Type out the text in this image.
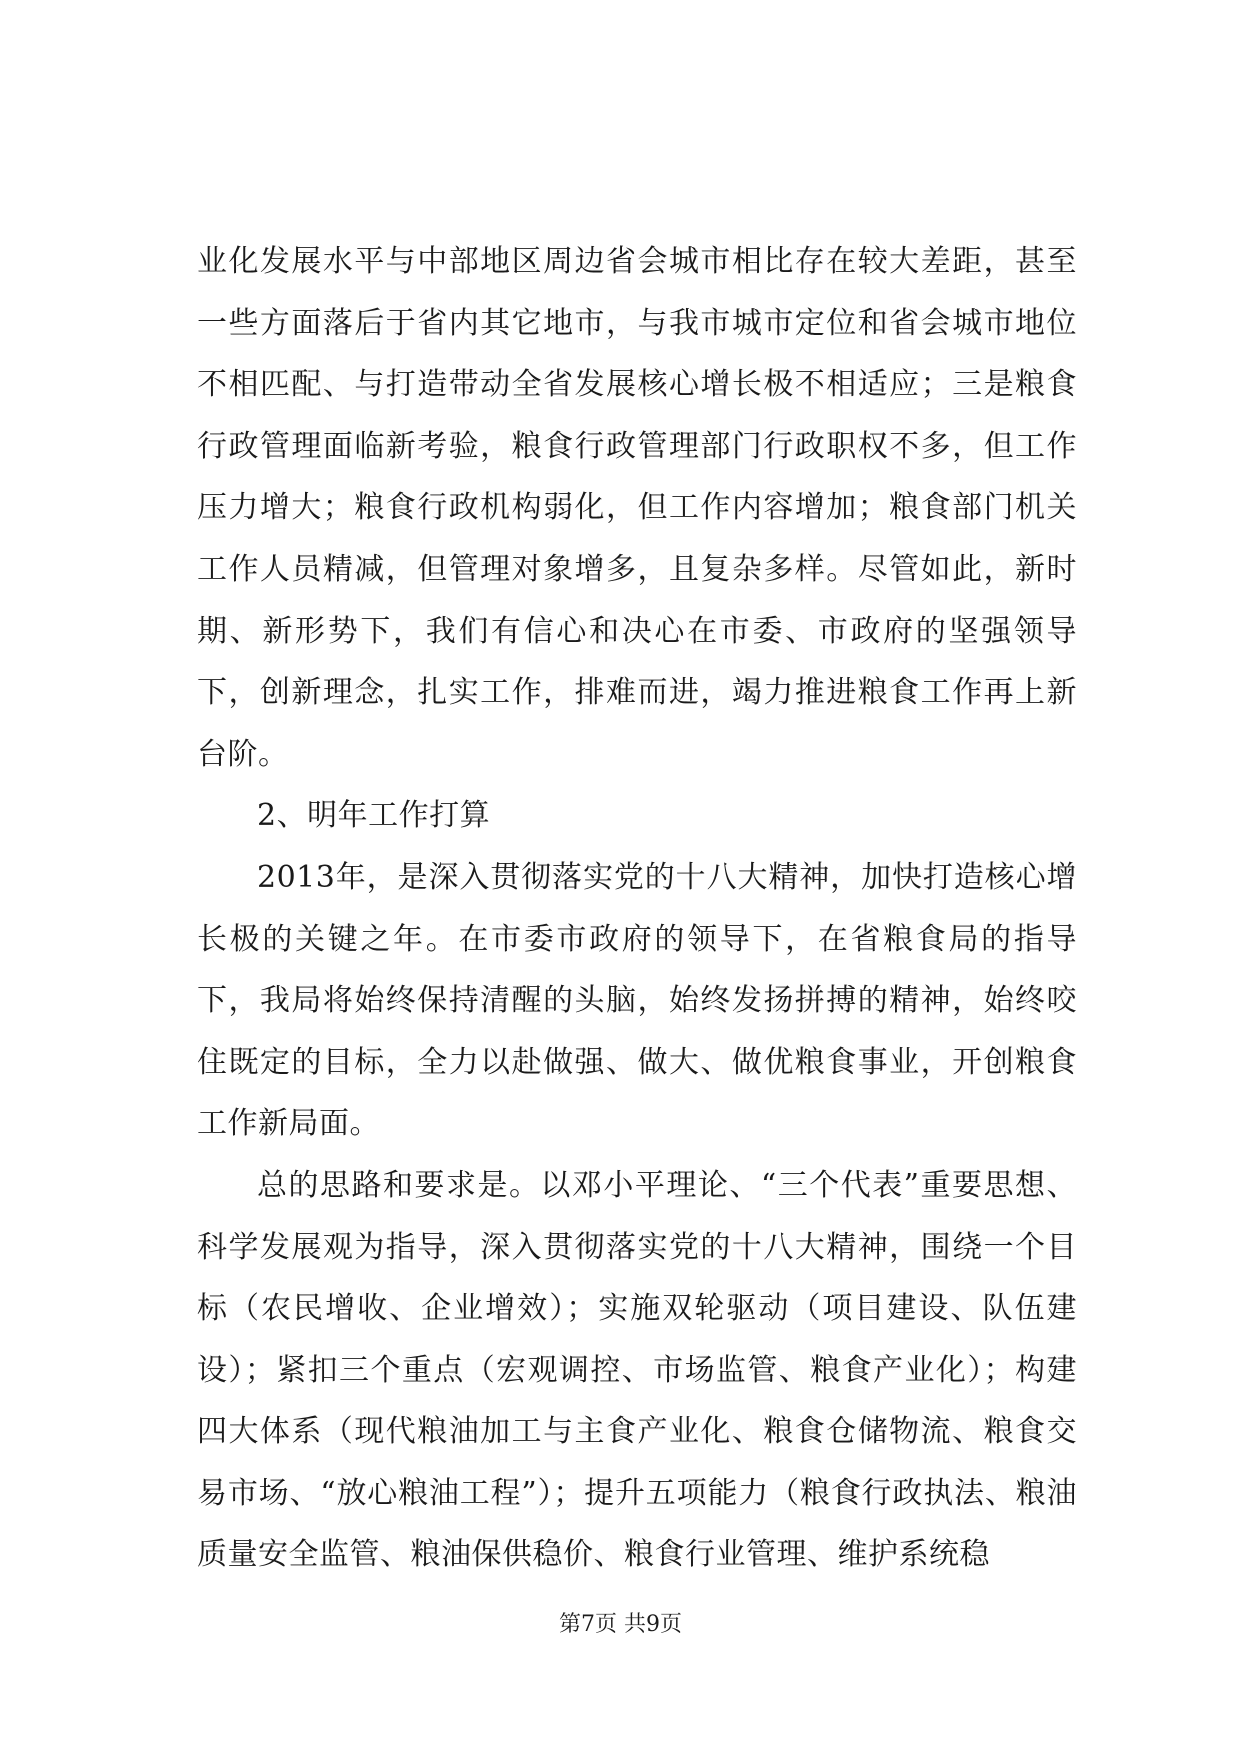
业化发展水平与中部地区周边省会城市相比存在较大差距，甚至一些方面落后于省内其它地市，与我市城市定位和省会城市地位不相匹配、与打造带动全省发展核心增长极不相适应；三是粮食行政管理面临新考验，粮食行政管理部门行政职权不多，但工作压力增大；粮食行政机构弱化，但工作内容增加；粮食部门机关工作人员精减，但管理对象增多，且复杂多样。尽管如此，新时期、新形势下，我们有信心和决心在市委、市政府的坚强领导下，创新理念，扎实工作，排难而进，竭力推进粮食工作再上新台阶。

2、明年工作打算

2013年，是深入贯彻落实党的十八大精神，加快打造核心增长极的关键之年。在市委市政府的领导下，在省粮食局的指导下，我局将始终保持清醒的头脑，始终发扬拼搏的精神，始终咬住既定的目标，全力以赴做强、做大、做优粮食事业，开创粮食工作新局面。

总的思路和要求是。以邓小平理论、“三个代表”重要思想、科学发展观为指导，深入贯彻落实党的十八大精神，围绕一个目标（农民增收、企业增效）；实施双轮驱动（项目建设、队伍建设）；紧扣三个重点（宏观调控、市场监管、粮食产业化）；构建四大体系（现代粮油加工与主食产业化、粮食仓储物流、粮食交易市场、“放心粮油工程”）；提升五项能力（粮食行政执法、粮油质量安全监管、粮油保供稳价、粮食行业管理、维护系统稳

第7页 共9页
